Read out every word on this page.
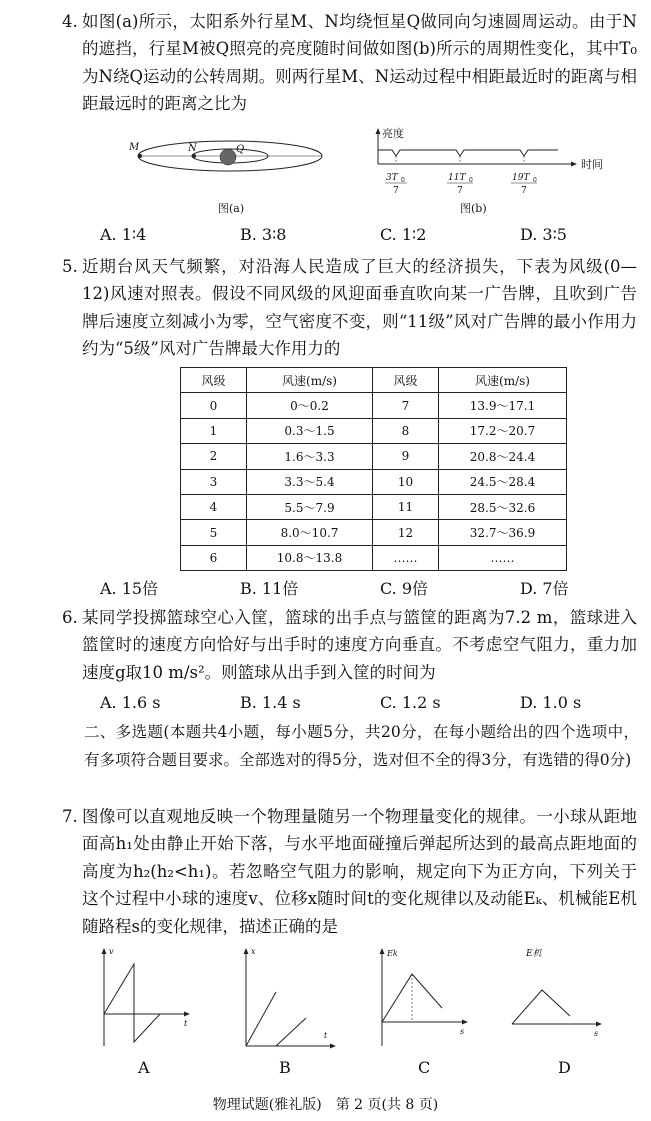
4. 如图(a)所示，太阳系外行星M、N均绕恒星Q做同向匀速圆周运动。由于N的遮挡，行星M被Q照亮的亮度随时间做如图(b)所示的周期性变化，其中T₀为N绕Q运动的公转周期。则两行星M、N运动过程中相距最近时的距离与相距最远时的距离之比为
M	N	Q
图(a)
亮度
时间
3T 0
7
11T 0
7
19T 0
7
图(b)
A. 1∶4	B. 3∶8	C. 1∶2	D. 3∶5
5. 近期台风天气频繁，对沿海人民造成了巨大的经济损失，下表为风级(0—12)风速对照表。假设不同风级的风迎面垂直吹向某一广告牌，且吹到广告牌后速度立刻减小为零，空气密度不变，则“11级”风对广告牌的最小作用力约为“5级”风对广告牌最大作用力的
风级	风速(m/s)	风级	风速(m/s)
0	0～0.2	7	13.9～17.1
1	0.3～1.5	8	17.2～20.7
2	1.6～3.3	9	20.8～24.4
3	3.3～5.4	10	24.5～28.4
4	5.5～7.9	11	28.5～32.6
5	8.0～10.7	12	32.7～36.9
6	10.8～13.8	……	……
A. 15倍	B. 11倍	C. 9倍	D. 7倍
6. 某同学投掷篮球空心入筐，篮球的出手点与篮筐的距离为7.2 m，篮球进入篮筐时的速度方向恰好与出手时的速度方向垂直。不考虑空气阻力，重力加速度g取10 m/s²。则篮球从出手到入筐的时间为
A. 1.6 s	B. 1.4 s	C. 1.2 s	D. 1.0 s
二、多选题(本题共4小题，每小题5分，共20分，在每小题给出的四个选项中，有多项符合题目要求。全部选对的得5分，选对但不全的得3分，有选错的得0分)
7. 图像可以直观地反映一个物理量随另一个物理量变化的规律。一小球从距地面高h₁处由静止开始下落，与水平地面碰撞后弹起所达到的最高点距地面的高度为h₂(h₂<h₁)。若忽略空气阻力的影响，规定向下为正方向，下列关于这个过程中小球的速度v、位移x随时间t的变化规律以及动能Eₖ、机械能E机随路程s的变化规律，描述正确的是
v
t
A
x
t
B
Ek
s
C
E机
s
D
物理试题(雅礼版)　第 2 页(共 8 页)
